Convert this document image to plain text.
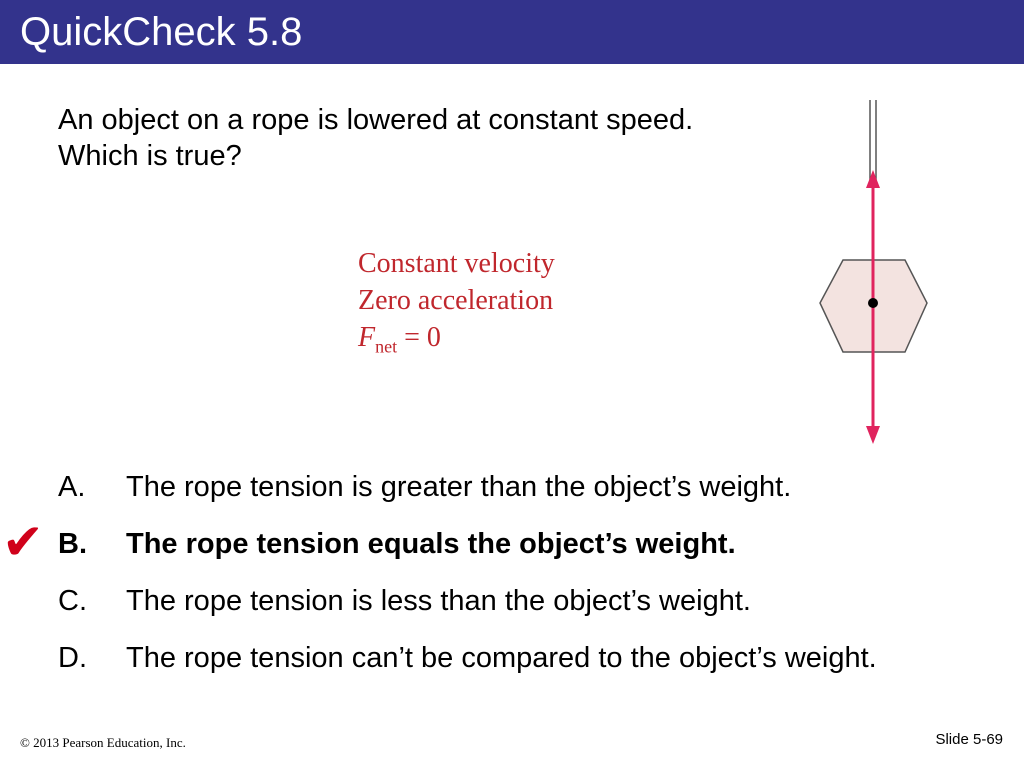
QuickCheck 5.8
An object on a rope is lowered at constant speed.
Which is true?
Constant velocity
Zero acceleration
$F_{net} = 0$
A. The rope tension is greater than the object’s weight.
✔ B. The rope tension equals the object’s weight.
C. The rope tension is less than the object’s weight.
D. The rope tension can’t be compared to the object’s weight.
© 2013 Pearson Education, Inc.	Slide 5-69
